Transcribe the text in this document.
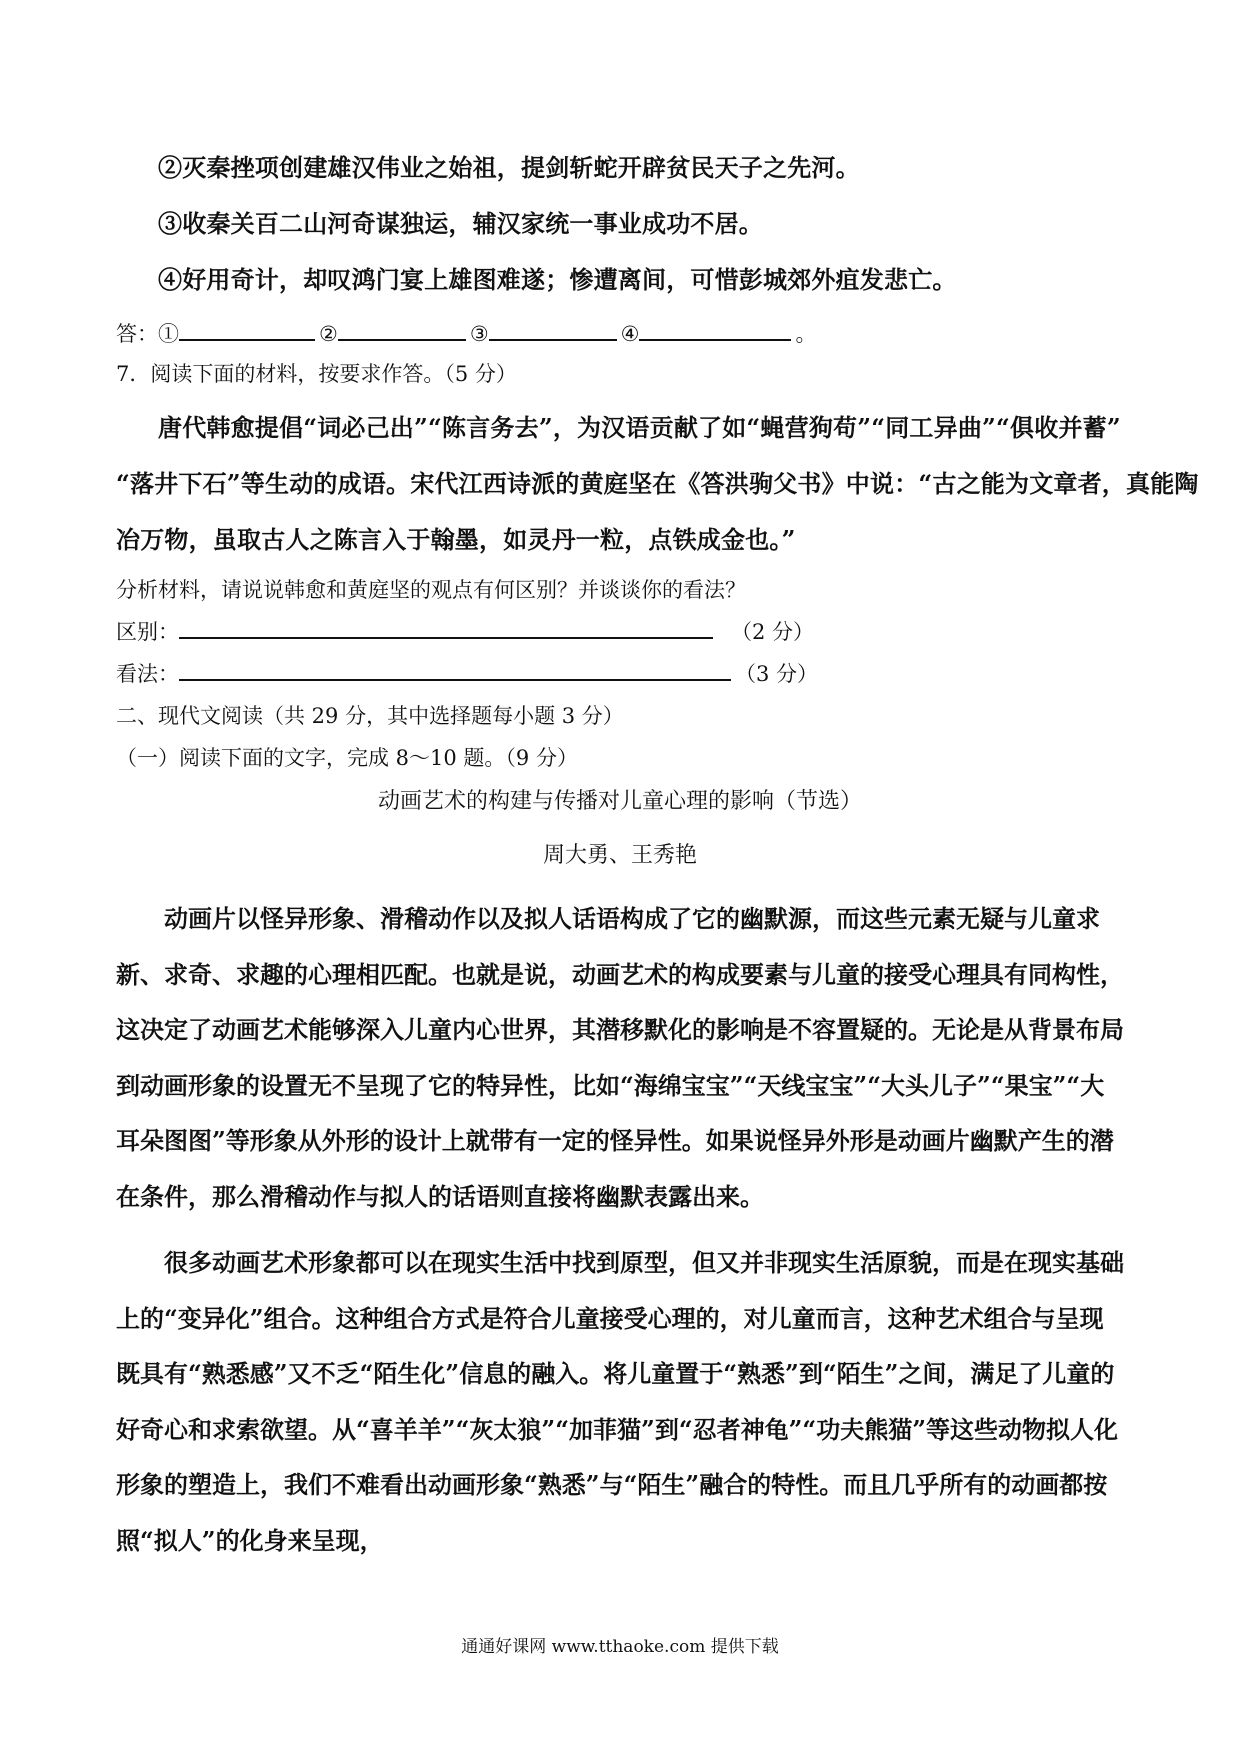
②灭秦挫项创建雄汉伟业之始祖，提剑斩蛇开辟贫民天子之先河。
③收秦关百二山河奇谋独运，辅汉家统一事业成功不居。
④好用奇计，却叹鸿门宴上雄图难遂；惨遭离间，可惜彭城郊外疽发悲亡。
答：①	②	③	④	。
7．阅读下面的材料，按要求作答。（5 分）
唐代韩愈提倡“词必己出”“陈言务去”，为汉语贡献了如“蝇营狗苟”“同工异曲”“俱收并蓄”
“落井下石”等生动的成语。宋代江西诗派的黄庭坚在《答洪驹父书》中说：“古之能为文章者，真能陶
冶万物，虽取古人之陈言入于翰墨，如灵丹一粒，点铁成金也。”
分析材料，请说说韩愈和黄庭坚的观点有何区别？并谈谈你的看法？
区别：	（2 分）
看法：	（3 分）
二、现代文阅读（共 29 分，其中选择题每小题 3 分）
（一）阅读下面的文字，完成 8～10 题。（9 分）
动画艺术的构建与传播对儿童心理的影响（节选）
周大勇、王秀艳

动画片以怪异形象、滑稽动作以及拟人话语构成了它的幽默源，而这些元素无疑与儿童求新、求奇、求趣的心理相匹配。也就是说，动画艺术的构成要素与儿童的接受心理具有同构性，这决定了动画艺术能够深入儿童内心世界，其潜移默化的影响是不容置疑的。无论是从背景布局到动画形象的设置无不呈现了它的特异性，比如“海绵宝宝”“天线宝宝”“大头儿子”“果宝”“大耳朵图图”等形象从外形的设计上就带有一定的怪异性。如果说怪异外形是动画片幽默产生的潜在条件，那么滑稽动作与拟人的话语则直接将幽默表露出来。

很多动画艺术形象都可以在现实生活中找到原型，但又并非现实生活原貌，而是在现实基础上的“变异化”组合。这种组合方式是符合儿童接受心理的，对儿童而言，这种艺术组合与呈现既具有“熟悉感”又不乏“陌生化”信息的融入。将儿童置于“熟悉”到“陌生”之间，满足了儿童的好奇心和求索欲望。从“喜羊羊”“灰太狼”“加菲猫”到“忍者神龟”“功夫熊猫”等这些动物拟人化形象的塑造上，我们不难看出动画形象“熟悉”与“陌生”融合的特性。而且几乎所有的动画都按照“拟人”的化身来呈现，

通通好课网 www.tthaoke.com 提供下载
